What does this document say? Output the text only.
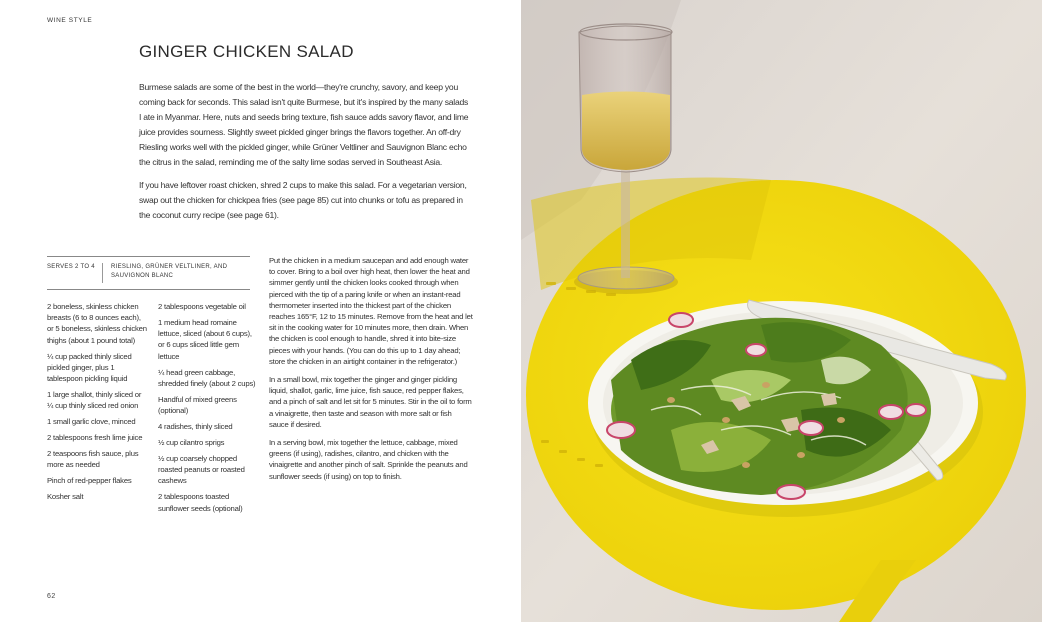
WINE STYLE
GINGER CHICKEN SALAD

Burmese salads are some of the best in the world—they're crunchy, savory, and keep you coming back for seconds. This salad isn't quite Burmese, but it's inspired by the many salads I ate in Myanmar. Here, nuts and seeds bring texture, fish sauce adds savory flavor, and lime juice provides sourness. Slightly sweet pickled ginger brings the flavors together. An off-dry Riesling works well with the pickled ginger, while Grüner Veltliner and Sauvignon Blanc echo the citrus in the salad, reminding me of the salty lime sodas served in Southeast Asia.

If you have leftover roast chicken, shred 2 cups to make this salad. For a vegetarian version, swap out the chicken for chickpea fries (see page 85) cut into chunks or tofu as prepared in the coconut curry recipe (see page 61).

SERVES 2 TO 4	RIESLING, GRÜNER VELTLINER, AND SAUVIGNON BLANC
2 boneless, skinless chicken breasts (6 to 8 ounces each), or 5 boneless, skinless chicken thighs (about 1 pound total)
¼ cup packed thinly sliced pickled ginger, plus 1 tablespoon pickling liquid
1 large shallot, thinly sliced or ¼ cup thinly sliced red onion
1 small garlic clove, minced
2 tablespoons fresh lime juice
2 teaspoons fish sauce, plus more as needed
Pinch of red-pepper flakes
Kosher salt
2 tablespoons vegetable oil
1 medium head romaine lettuce, sliced (about 6 cups), or 6 cups sliced little gem lettuce
¼ head green cabbage, shredded finely (about 2 cups)
Handful of mixed greens (optional)
4 radishes, thinly sliced
½ cup cilantro sprigs
½ cup coarsely chopped roasted peanuts or roasted cashews
2 tablespoons toasted sunflower seeds (optional)

Put the chicken in a medium saucepan and add enough water to cover. Bring to a boil over high heat, then lower the heat and simmer gently until the chicken looks cooked through when pierced with the tip of a paring knife or when an instant-read thermometer inserted into the thickest part of the chicken reaches 165°F, 12 to 15 minutes. Remove from the heat and let sit in the cooking water for 10 minutes more, then drain. When the chicken is cool enough to handle, shred it into bite-size pieces with your hands. (You can do this up to 1 day ahead; store the chicken in an airtight container in the refrigerator.)

In a small bowl, mix together the ginger and ginger pickling liquid, shallot, garlic, lime juice, fish sauce, red pepper flakes, and a pinch of salt and let sit for 5 minutes. Stir in the oil to form a vinaigrette, then taste and season with more salt or fish sauce if desired.

In a serving bowl, mix together the lettuce, cabbage, mixed greens (if using), radishes, cilantro, and chicken with the vinaigrette and another pinch of salt. Sprinkle the peanuts and sunflower seeds (if using) on top to finish.

62
